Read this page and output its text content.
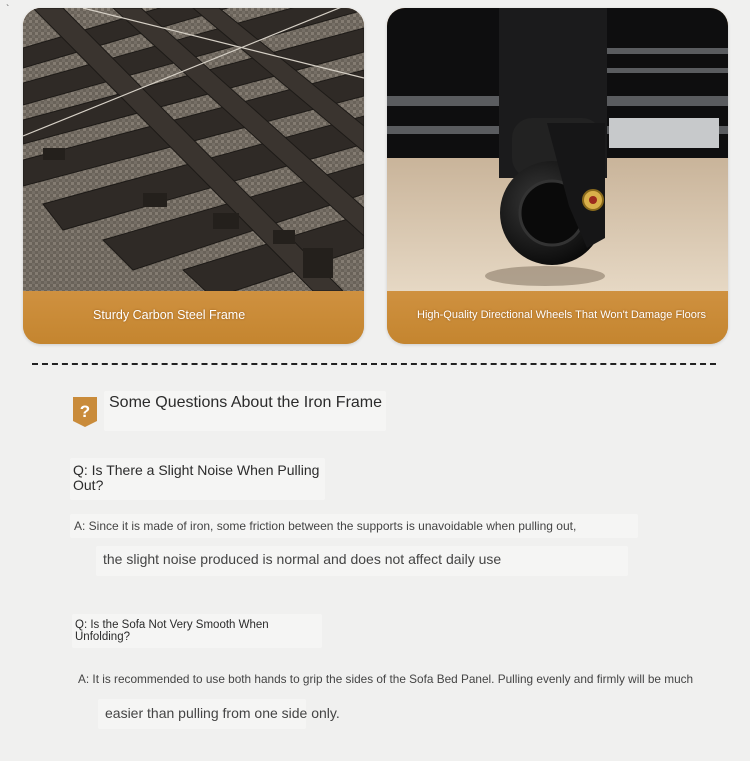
`
Sturdy Carbon Steel Frame	High-Quality Directional Wheels That Won't Damage Floors
? Some Questions About the Iron Frame
Q: Is There a Slight Noise When Pulling Out?
A: Since it is made of iron, some friction between the supports is unavoidable when pulling out,
the slight noise produced is normal and does not affect daily use
Q: Is the Sofa Not Very Smooth When Unfolding?
A: It is recommended to use both hands to grip the sides of the Sofa Bed Panel. Pulling evenly and firmly will be much
easier than pulling from one side only.
